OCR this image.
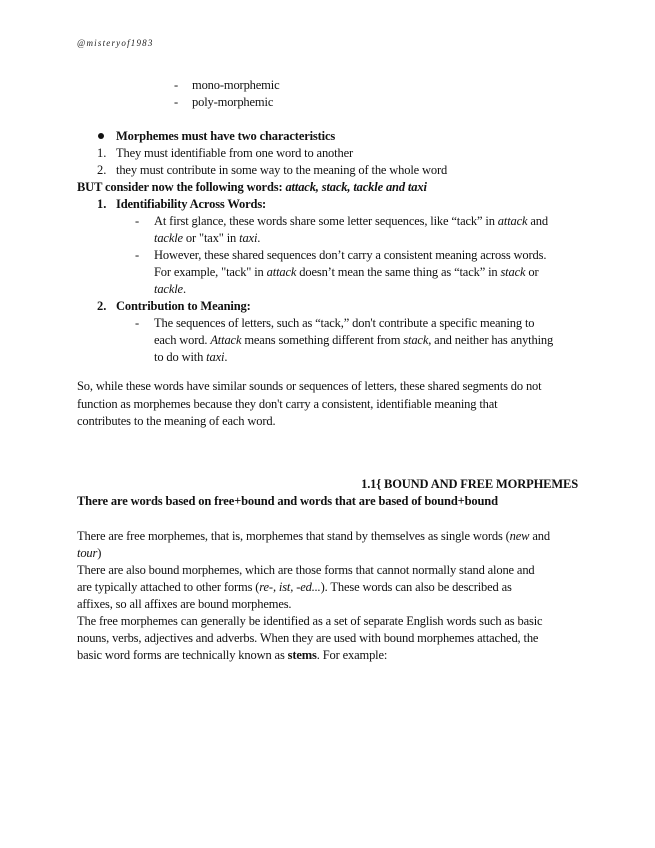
@misteryof1983
- mono-morphemic
- poly-morphemic
Morphemes must have two characteristics
1. They must identifiable from one word to another
2. they must contribute in some way to the meaning of the whole word
BUT consider now the following words: attack, stack, tackle and taxi
1. Identifiability Across Words:
- At first glance, these words share some letter sequences, like “tack” in attack and
tackle or "tax" in taxi.
- However, these shared sequences don’t carry a consistent meaning across words.
For example, "tack" in attack doesn’t mean the same thing as “tack” in stack or
tackle.
2. Contribution to Meaning:
- The sequences of letters, such as “tack,” don't contribute a specific meaning to
each word. Attack means something different from stack, and neither has anything
to do with taxi.
So, while these words have similar sounds or sequences of letters, these shared segments do not
function as morphemes because they don't carry a consistent, identifiable meaning that
contributes to the meaning of each word.
1.1{ BOUND AND FREE MORPHEMES
There are words based on free+bound and words that are based of bound+bound
There are free morphemes, that is, morphemes that stand by themselves as single words (new and
tour)
There are also bound morphemes, which are those forms that cannot normally stand alone and
are typically attached to other forms (re-, ist, -ed...). These words can also be described as
affixes, so all affixes are bound morphemes.
The free morphemes can generally be identified as a set of separate English words such as basic
nouns, verbs, adjectives and adverbs. When they are used with bound morphemes attached, the
basic word forms are technically known as stems. For example:
